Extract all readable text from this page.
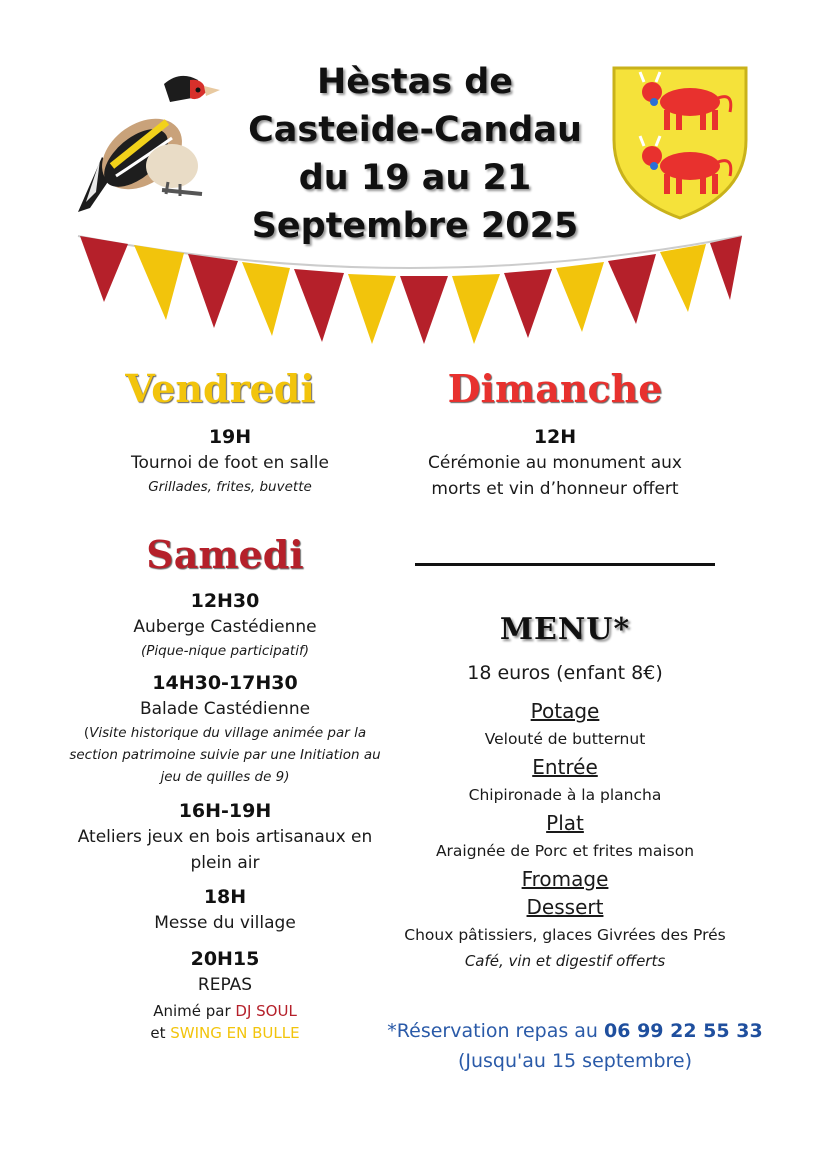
Hèstas de
Casteide-Candau
du 19 au 21
Septembre 2025
Vendredi
19H
Tournoi de foot en salle
Grillades, frites, buvette
Dimanche
12H
Cérémonie au monument aux
morts et vin d’honneur offert
Samedi
12H30
Auberge Castédienne
(Pique-nique participatif)
14H30-17H30
Balade Castédienne
(Visite historique du village animée par la
section patrimoine suivie par une Initiation au
jeu de quilles de 9)
16H-19H
Ateliers jeux en bois artisanaux en
plein air
18H
Messe du village
20H15
REPAS
Animé par DJ SOUL
et SWING EN BULLE
MENU*
18 euros (enfant 8€)
Potage
Velouté de butternut
Entrée
Chipironade à la plancha
Plat
Araignée de Porc et frites maison
Fromage
Dessert
Choux pâtissiers, glaces Givrées des Prés
Café, vin et digestif offerts
*Réservation repas au 06 99 22 55 33
(Jusqu'au 15 septembre)
